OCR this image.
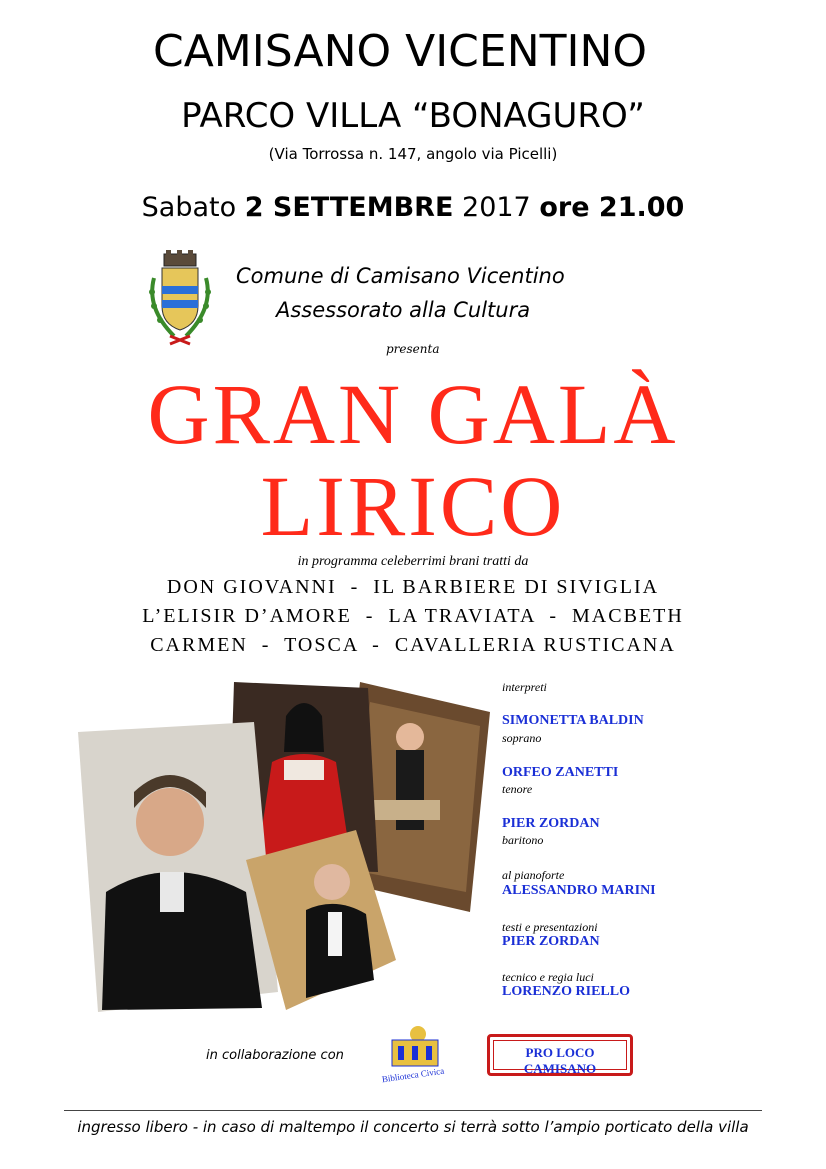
CAMISANO VICENTINO
PARCO VILLA “BONAGURO”
(Via Torrossa n. 147, angolo via Picelli)
Sabato 2 SETTEMBRE 2017 ore 21.00
Comune di Camisano Vicentino
Assessorato alla Cultura
presenta
GRAN GALÀ
LIRICO
in programma celeberrimi brani tratti da
DON GIOVANNI  -  IL BARBIERE DI SIVIGLIA
L’ELISIR D’AMORE  -  LA TRAVIATA  -  MACBETH
CARMEN  -  TOSCA  -  CAVALLERIA RUSTICANA
interpreti
SIMONETTA BALDIN
soprano
ORFEO ZANETTI
tenore
PIER ZORDAN
baritono
al pianoforte
ALESSANDRO MARINI
testi e presentazioni
PIER ZORDAN
tecnico e regia luci
LORENZO RIELLO
in collaborazione con
Biblioteca Civica
PRO LOCO CAMISANO
ingresso libero - in caso di maltempo il concerto si terrà sotto l’ampio porticato della villa
